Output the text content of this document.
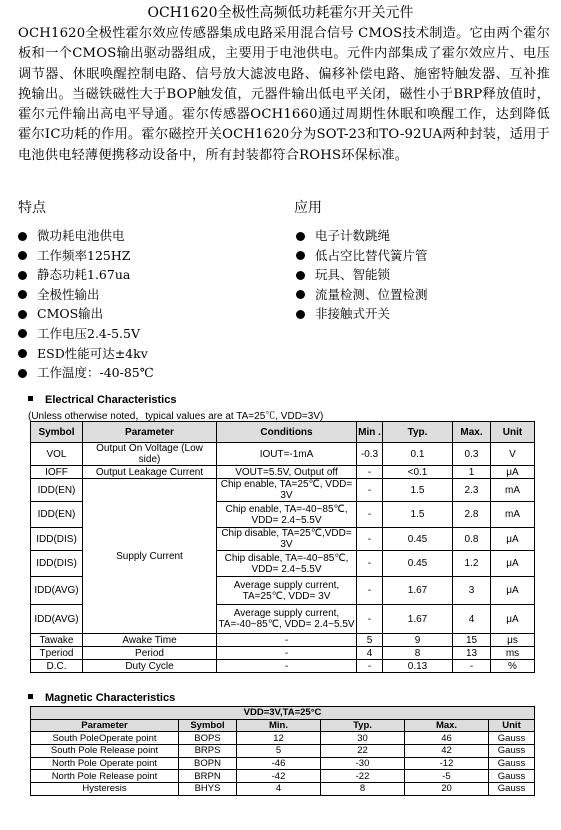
OCH1620全极性高频低功耗霍尔开关元件
OCH1620全极性霍尔效应传感器集成电路采用混合信号 CMOS技术制造。它由两个霍尔板和一个CMOS输出驱动器组成，主要用于电池供电。元件内部集成了霍尔效应片、电压调节器、休眠唤醒控制电路、信号放大滤波电路、偏移补偿电路、施密特触发器、互补推挽输出。当磁铁磁性大于BOP触发值，元器件输出低电平关闭，磁性小于BRP释放值时，霍尔元件输出高电平导通。霍尔传感器OCH1660通过周期性休眠和唤醒工作，达到降低霍尔IC功耗的作用。霍尔磁控开关OCH1620分为SOT-23和TO-92UA两种封装，适用于电池供电轻薄便携移动设备中，所有封装都符合ROHS环保标准。
特点	应用
微功耗电池供电
工作频率125HZ
静态功耗1.67ua
全极性输出
CMOS输出
工作电压2.4-5.5V
ESD性能可达±4kv
工作温度：-40-85℃
电子计数跳绳
低占空比替代簧片管
玩具、智能锁
流量检测、位置检测
非接触式开关
Electrical Characteristics
(Unless otherwise noted，typical values are at TA=25℃, VDD=3V)
Symbol	Parameter	Conditions	Min .	Typ.	Max.	Unit
VOL	Output On Voltage (Low side)	IOUT=-1mA	-0.3	0.1	0.3	V
IOFF	Output Leakage Current	VOUT=5.5V, Output off	-	<0.1	1	μA
IDD(EN)	Supply Current	Chip enable, TA=25℃, VDD= 3V	-	1.5	2.3	mA
IDD(EN)		Chip enable, TA=-40~85℃, VDD= 2.4~5.5V	-	1.5	2.8	mA
IDD(DIS)		Chip disable, TA=25℃,VDD= 3V	-	0.45	0.8	μA
IDD(DIS)		Chip disable, TA=-40~85℃, VDD= 2.4~5.5V	-	0.45	1.2	μA
IDD(AVG)		Average supply current, TA=25℃, VDD= 3V	-	1.67	3	μA
IDD(AVG)		Average supply current, TA=-40~85℃, VDD= 2.4~5.5V	-	1.67	4	μA
Tawake	Awake Time	-	5	9	15	μs
Tperiod	Period	-	4	8	13	ms
D.C.	Duty Cycle	-	-	0.13	-	%
Magnetic Characteristics
VDD=3V,TA=25°C					
Parameter	Symbol	Min.	Typ.	Max.	Unit
South PoleOperate point	BOPS	12	30	46	Gauss
South Pole Release point	BRPS	5	22	42	Gauss
North Pole Operate point	BOPN	-46	-30	-12	Gauss
North Pole Release point	BRPN	-42	-22	-5	Gauss
Hysteresis	BHYS	4	8	20	Gauss
